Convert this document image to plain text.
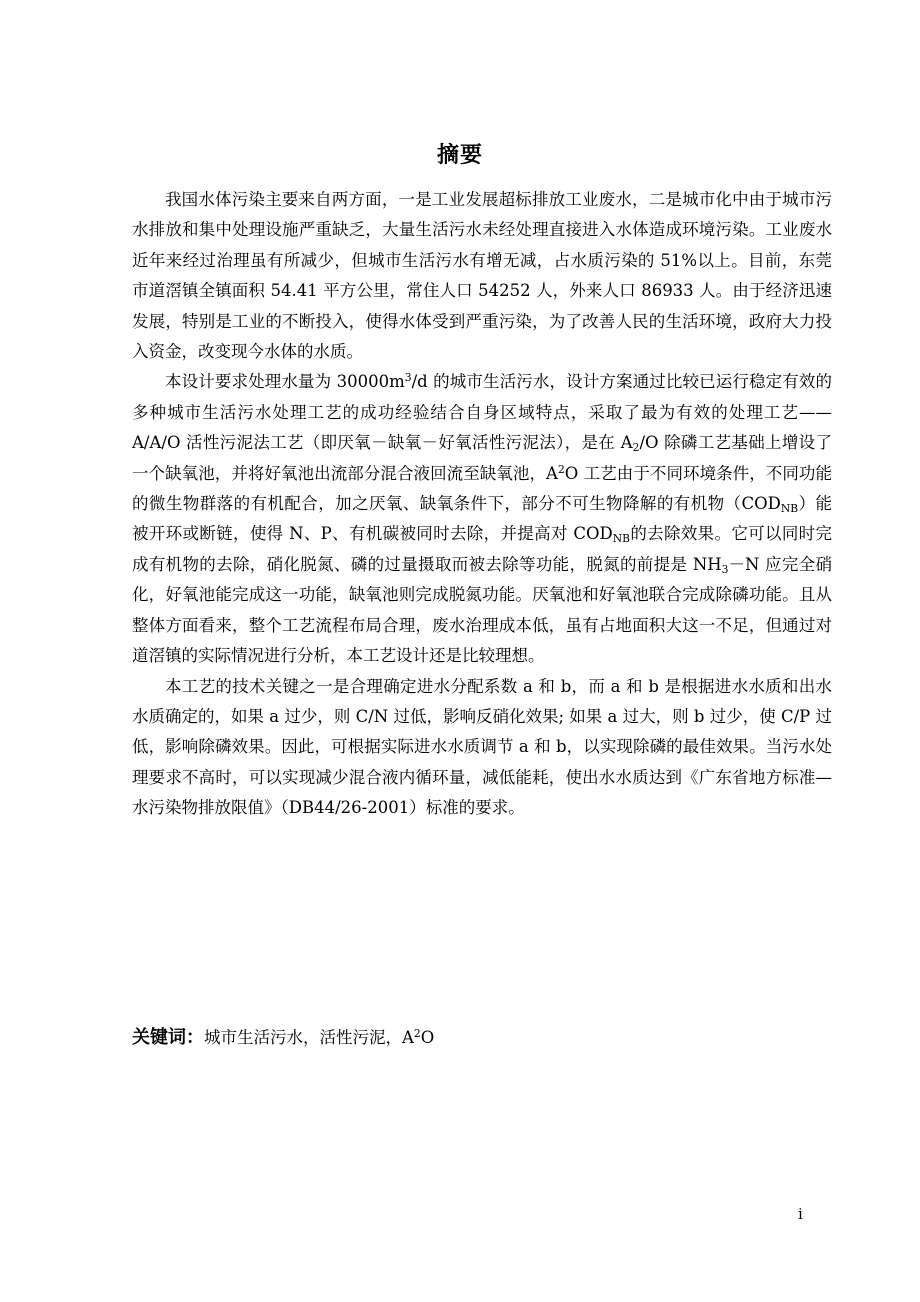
摘要

我国水体污染主要来自两方面，一是工业发展超标排放工业废水，二是城市化中由于城市污水排放和集中处理设施严重缺乏，大量生活污水未经处理直接进入水体造成环境污染。工业废水近年来经过治理虽有所减少，但城市生活污水有增无减，占水质污染的 51%以上。目前，东莞市道滘镇全镇面积 54.41 平方公里，常住人口 54252 人，外来人口 86933 人。由于经济迅速发展，特别是工业的不断投入，使得水体受到严重污染，为了改善人民的生活环境，政府大力投入资金，改变现今水体的水质。

本设计要求处理水量为 $30000m^3/d$ 的城市生活污水，设计方案通过比较已运行稳定有效的多种城市生活污水处理工艺的成功经验结合自身区域特点，采取了最为有效的处理工艺——A/A/O 活性污泥法工艺（即厌氧－缺氧－好氧活性污泥法），是在 $A_2/O$ 除磷工艺基础上增设了一个缺氧池，并将好氧池出流部分混合液回流至缺氧池，$A^2O$ 工艺由于不同环境条件，不同功能的微生物群落的有机配合，加之厌氧、缺氧条件下，部分不可生物降解的有机物$(COD_{NB})$能被开环或断链，使得 N、P、有机碳被同时去除，并提高对 $COD_{NB}$的去除效果。它可以同时完成有机物的去除，硝化脱氮、磷的过量摄取而被去除等功能，脱氮的前提是 $NH_3-N$ 应完全硝化，好氧池能完成这一功能，缺氧池则完成脱氮功能。厌氧池和好氧池联合完成除磷功能。且从整体方面看来，整个工艺流程布局合理，废水治理成本低，虽有占地面积大这一不足，但通过对道滘镇的实际情况进行分析，本工艺设计还是比较理想。

本工艺的技术关键之一是合理确定进水分配系数 a 和 b，而 a 和 b 是根据进水水质和出水水质确定的，如果 a 过少，则 C/N 过低，影响反硝化效果; 如果 a 过大，则 b 过少，使 C/P 过低，影响除磷效果。因此，可根据实际进水水质调节 a 和 b，以实现除磷的最佳效果。当污水处理要求不高时，可以实现减少混合液内循环量，减低能耗，使出水水质达到《广东省地方标准—水污染物排放限值》（DB44/26-2001）标准的要求。

关键词：城市生活污水，活性污泥，$A^2O$
i
